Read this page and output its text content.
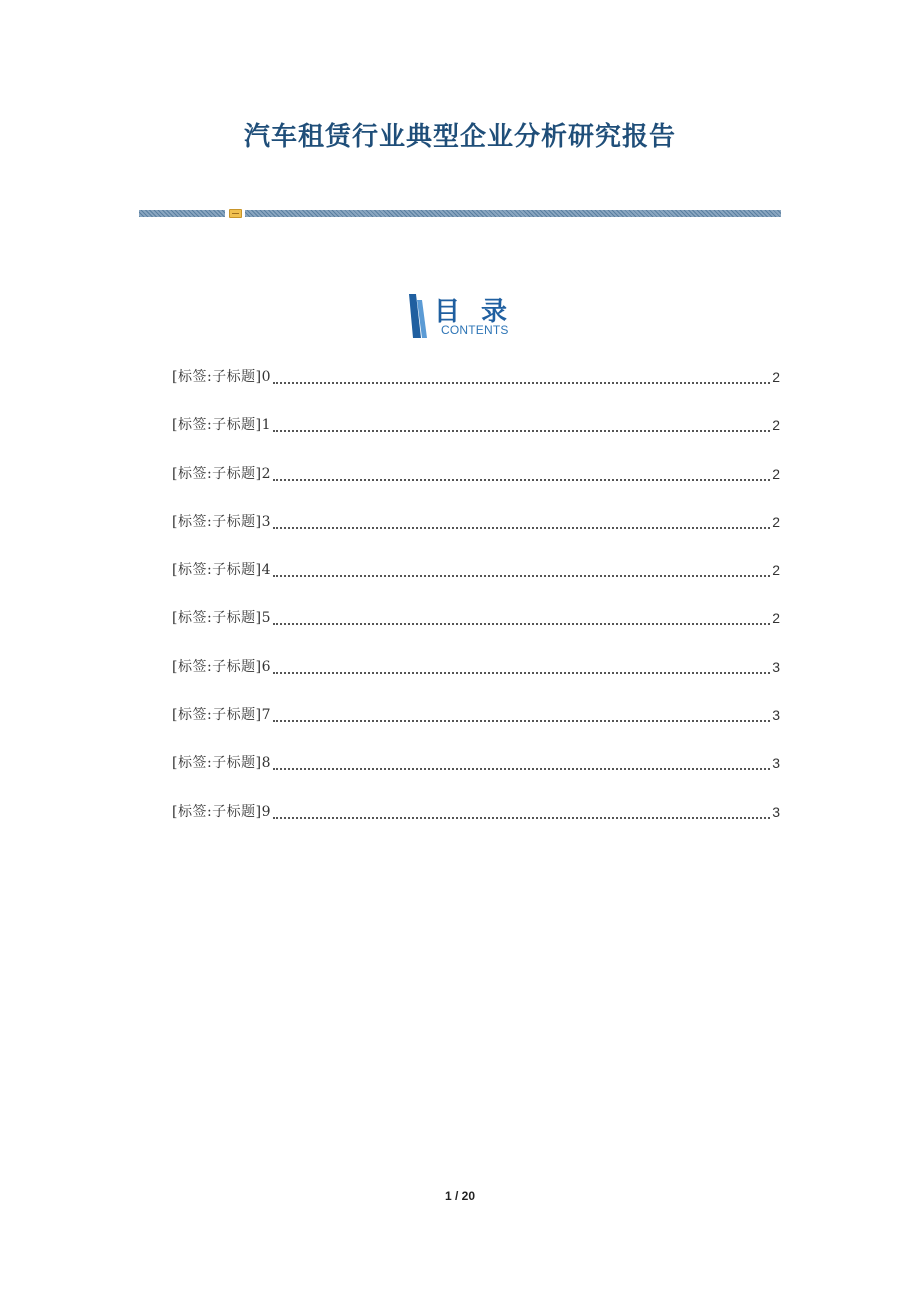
汽车租赁行业典型企业分析研究报告
目 录
CONTENTS
[标签:子标题]0	2
[标签:子标题]1	2
[标签:子标题]2	2
[标签:子标题]3	2
[标签:子标题]4	2
[标签:子标题]5	2
[标签:子标题]6	3
[标签:子标题]7	3
[标签:子标题]8	3
[标签:子标题]9	3
1 / 20
